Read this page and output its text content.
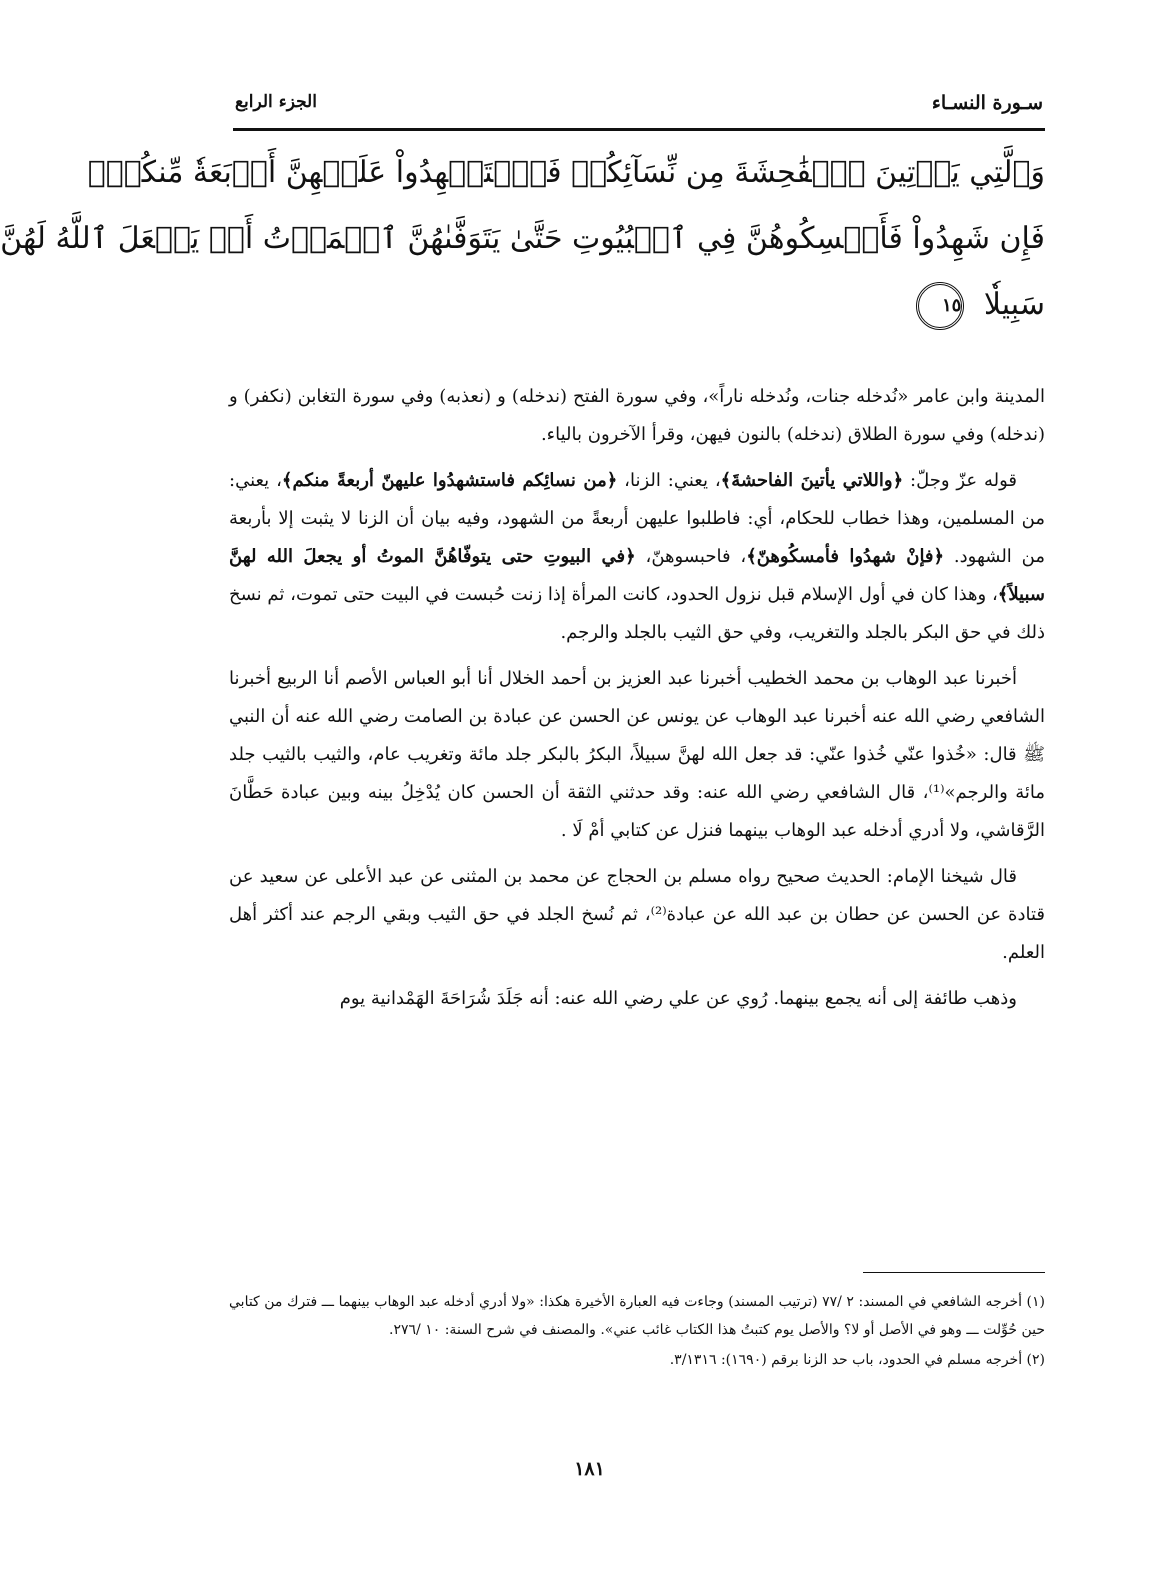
سـورة النسـاء
الجزء الرابع
وَٱلَّتِي يَأۡتِينَ ٱلۡفَٰحِشَةَ مِن نِّسَآئِكُمۡ فَٱسۡتَشۡهِدُواْ عَلَيۡهِنَّ أَرۡبَعَةٗ مِّنكُمۡۖ
فَإِن شَهِدُواْ فَأَمۡسِكُوهُنَّ فِي ٱلۡبُيُوتِ حَتَّىٰ يَتَوَفَّىٰهُنَّ ٱلۡمَوۡتُ أَوۡ يَجۡعَلَ ٱللَّهُ لَهُنَّ
سَبِيلٗا ١٥

المدينة وابن عامر «نُدخله جنات، ونُدخله ناراً»، وفي سورة الفتح (ندخله) و (نعذبه) وفي سورة التغابن (نكفر) و (ندخله) وفي سورة الطلاق (ندخله) بالنون فيهن، وقرأ الآخرون بالياء.

قوله عزّ وجلّ: ﴿واللاتي يأتينَ الفاحشةَ﴾، يعني: الزنا، ﴿من نسائِكم فاستشهدُوا عليهنّ أربعةً منكم﴾، يعني: من المسلمين، وهذا خطاب للحكام، أي: فاطلبوا عليهن أربعةً من الشهود، وفيه بيان أن الزنا لا يثبت إلا بأربعة من الشهود. ﴿فإنْ شهدُوا فأمسكُوهنّ﴾، فاحبسوهنّ، ﴿في البيوتِ حتى يتوفّاهُنَّ الموتُ أو يجعلَ الله لهنَّ سبيلاً﴾، وهذا كان في أول الإسلام قبل نزول الحدود، كانت المرأة إذا زنت حُبست في البيت حتى تموت، ثم نسخ ذلك في حق البكر بالجلد والتغريب، وفي حق الثيب بالجلد والرجم.

أخبرنا عبد الوهاب بن محمد الخطيب أخبرنا عبد العزيز بن أحمد الخلال أنا أبو العباس الأصم أنا الربيع أخبرنا الشافعي رضي الله عنه أخبرنا عبد الوهاب عن يونس عن الحسن عن عبادة بن الصامت رضي الله عنه أن النبي ﷺ قال: «خُذوا عنّي خُذوا عنّي: قد جعل الله لهنَّ سبيلاً، البكرُ بالبكر جلد مائة وتغريب عام، والثيب بالثيب جلد مائة والرجم»⁽¹⁾، قال الشافعي رضي الله عنه: وقد حدثني الثقة أن الحسن كان يُدْخِلُ بينه وبين عبادة حَطَّانَ الرَّقاشي، ولا أدري أدخله عبد الوهاب بينهما فنزل عن كتابي أمْ لَا .

قال شيخنا الإمام: الحديث صحيح رواه مسلم بن الحجاج عن محمد بن المثنى عن عبد الأعلى عن سعيد عن قتادة عن الحسن عن حطان بن عبد الله عن عبادة⁽²⁾، ثم نُسخ الجلد في حق الثيب وبقي الرجم عند أكثر أهل العلم.

وذهب طائفة إلى أنه يجمع بينهما. رُوي عن علي رضي الله عنه: أنه جَلَدَ شُرَاحَةَ الهَمْدانية يوم

(١) أخرجه الشافعي في المسند: ٢ /٧٧ (ترتيب المسند) وجاءت فيه العبارة الأخيرة هكذا: «ولا أدري أدخله عبد الوهاب بينهما ـــ فترك من كتابي حين حُوِّلت ـــ وهو في الأصل أو لا؟ والأصل يوم كتبتُ هذا الكتاب غائب عني». والمصنف في شرح السنة: ١٠ /٢٧٦.

(٢) أخرجه مسلم في الحدود، باب حد الزنا برقم (١٦٩٠): ٣/١٣١٦.

١٨١
